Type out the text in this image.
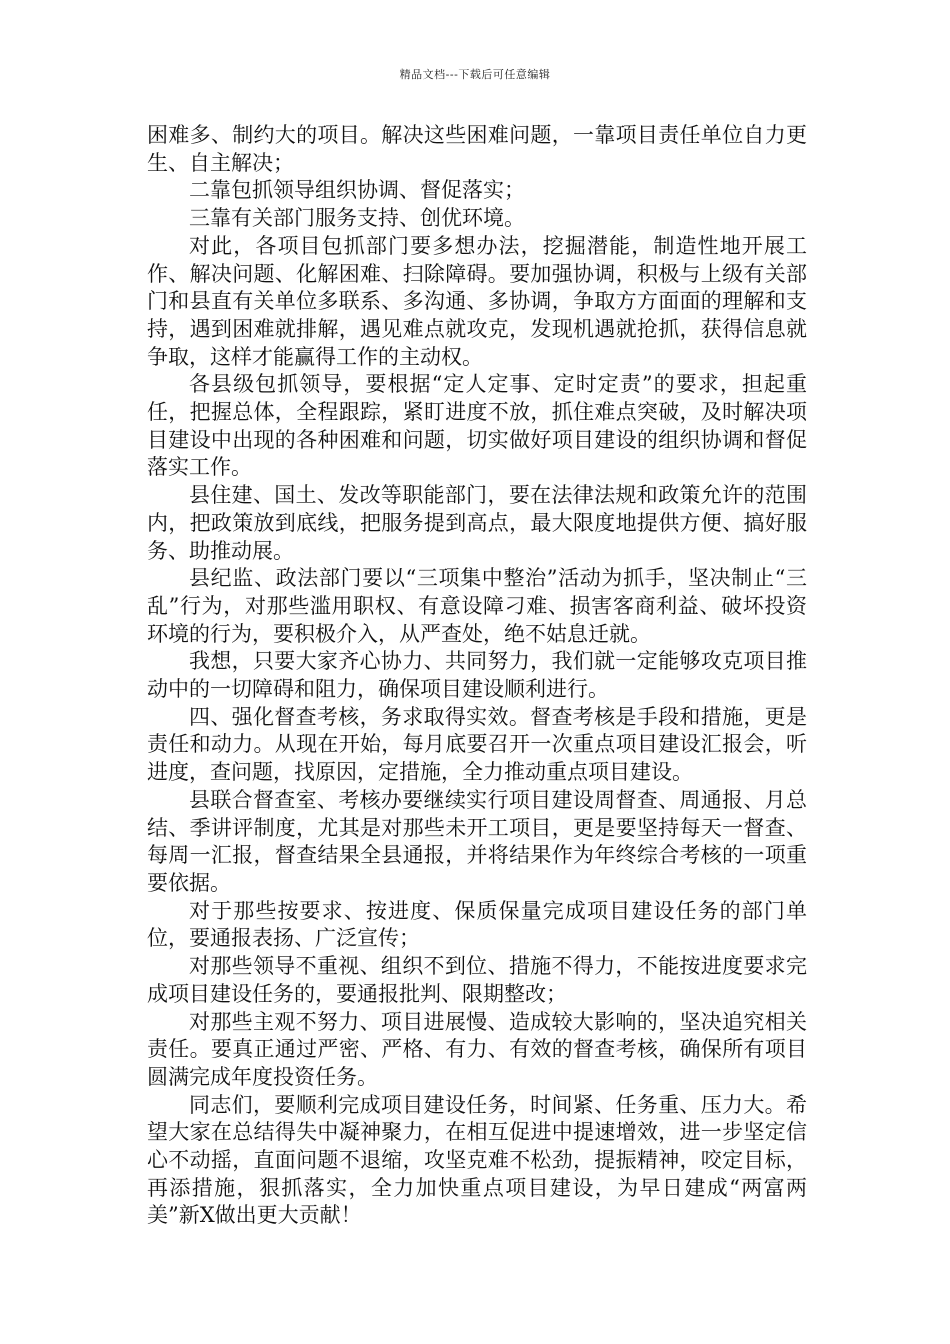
精品文档---下载后可任意编辑

困难多、制约大的项目。解决这些困难问题，一靠项目责任单位自力更生、自主解决；

二靠包抓领导组织协调、督促落实；

三靠有关部门服务支持、创优环境。

对此，各项目包抓部门要多想办法，挖掘潜能，制造性地开展工作、解决问题、化解困难、扫除障碍。要加强协调，积极与上级有关部门和县直有关单位多联系、多沟通、多协调，争取方方面面的理解和支持，遇到困难就排解，遇见难点就攻克，发现机遇就抢抓，获得信息就争取，这样才能赢得工作的主动权。

各县级包抓领导，要根据“定人定事、定时定责”的要求，担起重任，把握总体，全程跟踪，紧盯进度不放，抓住难点突破，及时解决项目建设中出现的各种困难和问题，切实做好项目建设的组织协调和督促落实工作。

县住建、国土、发改等职能部门，要在法律法规和政策允许的范围内，把政策放到底线，把服务提到高点，最大限度地提供方便、搞好服务、助推动展。

县纪监、政法部门要以“三项集中整治”活动为抓手，坚决制止“三乱”行为，对那些滥用职权、有意设障刁难、损害客商利益、破坏投资环境的行为，要积极介入，从严查处，绝不姑息迁就。

我想，只要大家齐心协力、共同努力，我们就一定能够攻克项目推动中的一切障碍和阻力，确保项目建设顺利进行。

四、强化督查考核，务求取得实效。督查考核是手段和措施，更是责任和动力。从现在开始，每月底要召开一次重点项目建设汇报会，听进度，查问题，找原因，定措施，全力推动重点项目建设。

县联合督查室、考核办要继续实行项目建设周督查、周通报、月总结、季讲评制度，尤其是对那些未开工项目，更是要坚持每天一督查、每周一汇报，督查结果全县通报，并将结果作为年终综合考核的一项重要依据。

对于那些按要求、按进度、保质保量完成项目建设任务的部门单位，要通报表扬、广泛宣传；

对那些领导不重视、组织不到位、措施不得力，不能按进度要求完成项目建设任务的，要通报批判、限期整改；

对那些主观不努力、项目进展慢、造成较大影响的，坚决追究相关责任。要真正通过严密、严格、有力、有效的督查考核，确保所有项目圆满完成年度投资任务。

同志们，要顺利完成项目建设任务，时间紧、任务重、压力大。希望大家在总结得失中凝神聚力，在相互促进中提速增效，进一步坚定信心不动摇，直面问题不退缩，攻坚克难不松劲，提振精神，咬定目标，再添措施，狠抓落实，全力加快重点项目建设，为早日建成“两富两美”新X做出更大贡献！
